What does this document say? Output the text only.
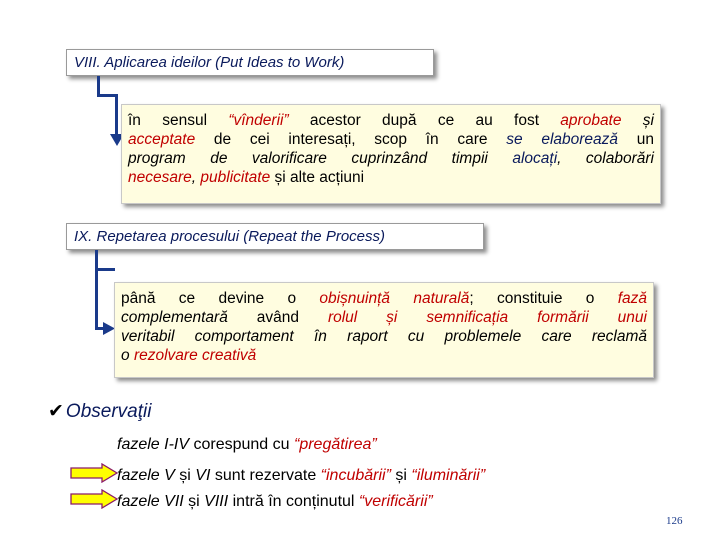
VIII. Aplicarea ideilor (Put Ideas to Work)
în sensul “vînderii” acestor după ce au fost aprobate și
acceptate de cei interesați, scop în care se elaborează un
program de valorificare cuprinzând timpii alocați, colaborări
necesare, publicitate și alte acțiuni
IX. Repetarea procesului (Repeat the Process)
până ce devine o obișnuință naturală; constituie o fază
complementară având rolul și semnificația formării unui
veritabil comportament în raport cu problemele care reclamă
o rezolvare creativă
✔ Observaţii
fazele I-IV corespund cu “pregătirea”
fazele V și VI sunt rezervate “incubării” și “iluminării”
fazele VII și VIII intră în conținutul “verificării”
126
